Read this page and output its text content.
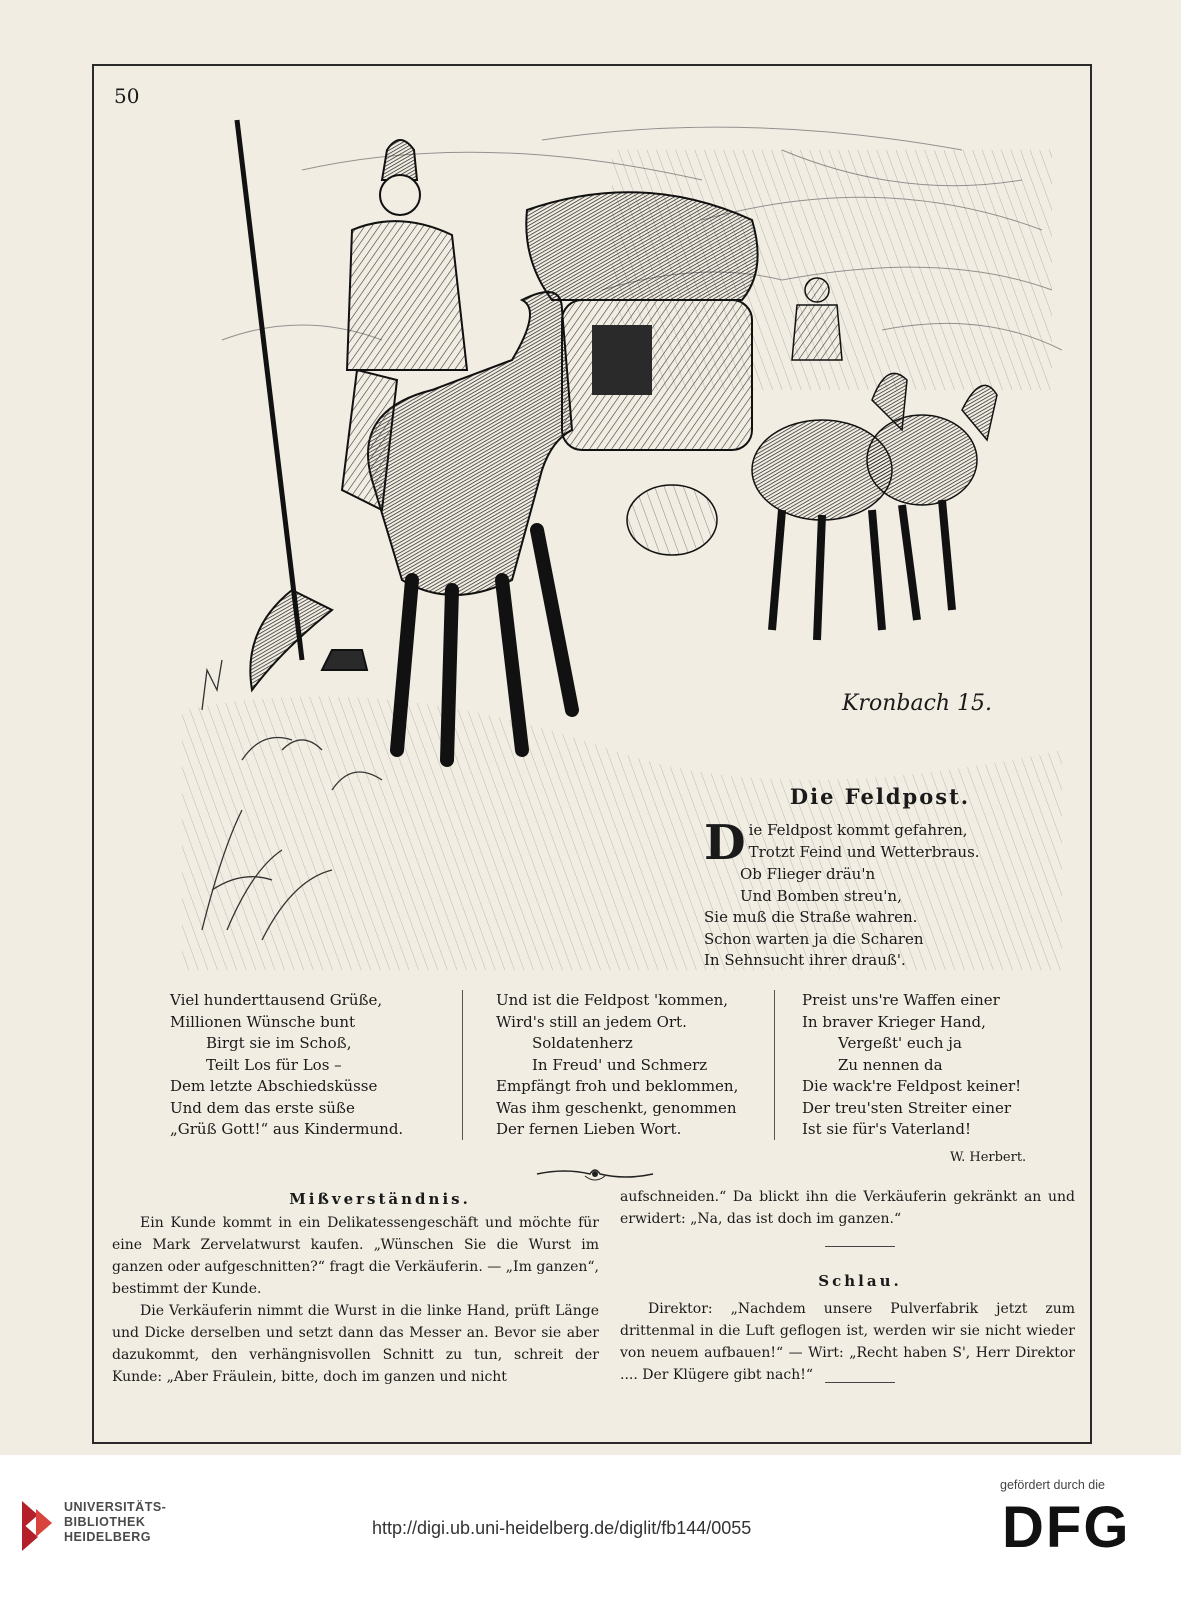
50
Kronbach 15.
Die Feldpost.
D ie Feldpost kommt gefahren,
Trotzt Feind und Wetterbraus.
Ob Flieger dräu'n
Und Bomben streu'n,
Sie muß die Straße wahren.
Schon warten ja die Scharen
In Sehnsucht ihrer drauß'.
Viel hunderttausend Grüße,
Millionen Wünsche bunt
Birgt sie im Schoß,
Teilt Los für Los –
Dem letzte Abschiedsküsse
Und dem das erste süße
„Grüß Gott!“ aus Kindermund.
Und ist die Feldpost 'kommen,
Wird's still an jedem Ort.
Soldatenherz
In Freud' und Schmerz
Empfängt froh und beklommen,
Was ihm geschenkt, genommen
Der fernen Lieben Wort.
Preist uns're Waffen einer
In braver Krieger Hand,
Vergeßt' euch ja
Zu nennen da
Die wack're Feldpost keiner!
Der treu'sten Streiter einer
Ist sie für's Vaterland!
W. Herbert.
Mißverständnis.

Ein Kunde kommt in ein Delikatessengeschäft und möchte für eine Mark Zervelatwurst kaufen. „Wünschen Sie die Wurst im ganzen oder aufgeschnitten?“ fragt die Verkäuferin. — „Im ganzen“, bestimmt der Kunde.

Die Verkäuferin nimmt die Wurst in die linke Hand, prüft Länge und Dicke derselben und setzt dann das Messer an. Bevor sie aber dazukommt, den verhängnisvollen Schnitt zu tun, schreit der Kunde: „Aber Fräulein, bitte, doch im ganzen und nicht

aufschneiden.“ Da blickt ihn die Verkäuferin gekränkt an und erwidert: „Na, das ist doch im ganzen.“

Schlau.

Direktor: „Nachdem unsere Pulverfabrik jetzt zum drittenmal in die Luft geflogen ist, werden wir sie nicht wieder von neuem aufbauen!“ — Wirt: „Recht haben S', Herr Direktor .... Der Klügere gibt nach!“

UNIVERSITÄTS-
BIBLIOTHEK
HEIDELBERG	http://digi.ub.uni-heidelberg.de/diglit/fb144/0055
gefördert durch die
DFG
